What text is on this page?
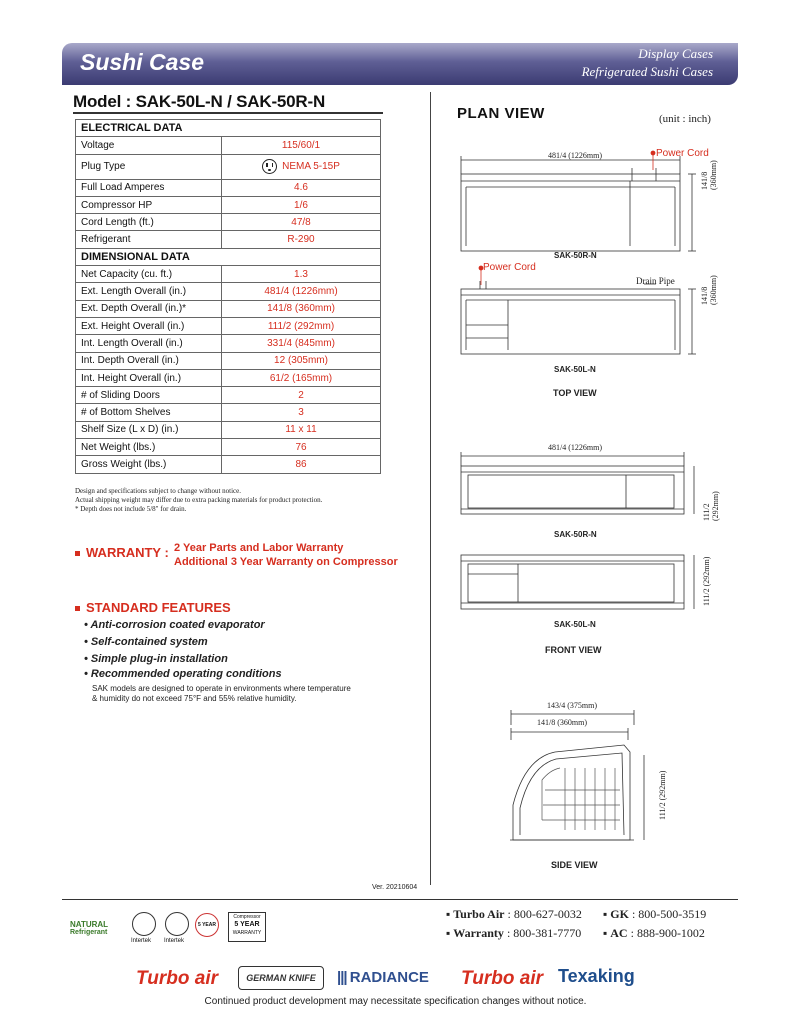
Sushi Case	Display Cases
Refrigerated Sushi Cases
Model : SAK-50L-N / SAK-50R-N
ELECTRICAL DATA	
Voltage	115/60/1
Plug Type	NEMA 5-15P
Full Load Amperes	4.6
Compressor HP	1/6
Cord Length (ft.)	47/8
Refrigerant	R-290
DIMENSIONAL DATA	
Net Capacity (cu. ft.)	1.3
Ext. Length Overall (in.)	481/4 (1226mm)
Ext. Depth Overall (in.)*	141/8 (360mm)
Ext. Height Overall (in.)	111/2 (292mm)
Int. Length Overall (in.)	331/4 (845mm)
Int. Depth Overall (in.)	12 (305mm)
Int. Height Overall (in.)	61/2 (165mm)
# of Sliding Doors	2
# of Bottom Shelves	3
Shelf Size (L x D) (in.)	11 x 11
Net Weight (lbs.)	76
Gross Weight (lbs.)	86
Design and specifications subject to change without notice.
Actual shipping weight may differ due to extra packing materials for product protection.
* Depth does not include 5/8" for drain.
WARRANTY : 2 Year Parts and Labor Warranty
Additional 3 Year Warranty on Compressor
STANDARD FEATURES
• Anti-corrosion coated evaporator
• Self-contained system
• Simple plug-in installation
• Recommended operating conditions
SAK models are designed to operate in environments where temperature
& humidity do not exceed 75°F and 55% relative humidity.
PLAN VIEW	(unit : inch)
481/4 (1226mm)	Power Cord
141/8 (360mm)
SAK-50R-N
Power Cord
Drain Pipe
141/8 (360mm)
SAK-50L-N
TOP VIEW
481/4 (1226mm)
111/2 (292mm)
SAK-50R-N
111/2 (292mm)
SAK-50L-N
FRONT VIEW
143/4 (375mm)
141/8 (360mm)
111/2 (292mm)
SIDE VIEW
Ver. 20210604
NATURAL
Refrigerant
Intertek Intertek
5 YEAR
Compressor
5 YEAR
WARRANTY
▪ Turbo Air : 800-627-0032 ▪ GK : 800-500-3519
▪ Warranty : 800-381-7770 ▪ AC : 888-900-1002
Turbo air	GERMAN KNIFE	||| RADIANCE Turbo air Texaking
Continued product development may necessitate specification changes without notice.
